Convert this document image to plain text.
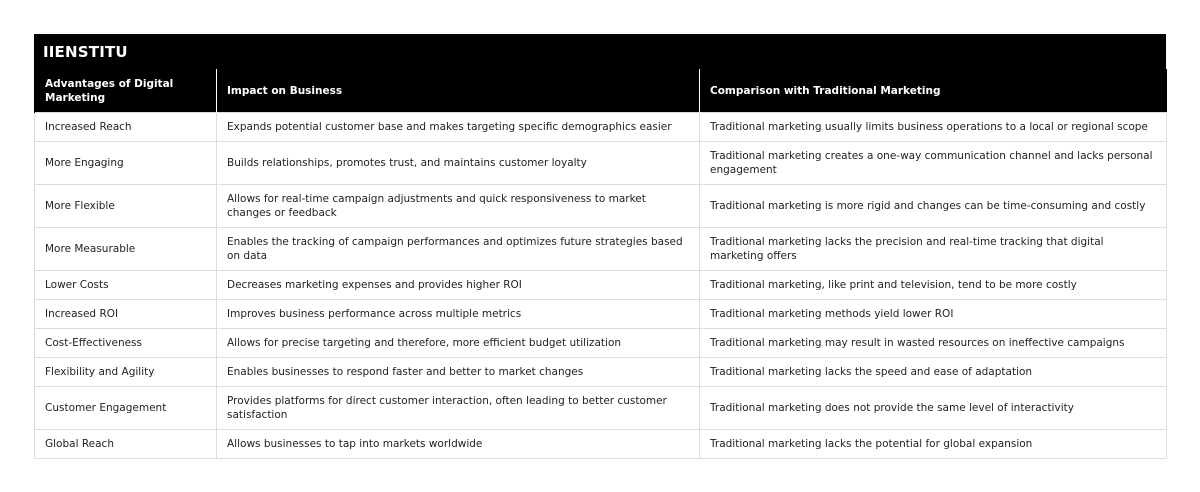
IIENSTITU
Advantages of Digital Marketing	Impact on Business	Comparison with Traditional Marketing
Increased Reach	Expands potential customer base and makes targeting specific demographics easier	Traditional marketing usually limits business operations to a local or regional scope
More Engaging	Builds relationships, promotes trust, and maintains customer loyalty	Traditional marketing creates a one-way communication channel and lacks personal engagement
More Flexible	Allows for real-time campaign adjustments and quick responsiveness to market changes or feedback	Traditional marketing is more rigid and changes can be time-consuming and costly
More Measurable	Enables the tracking of campaign performances and optimizes future strategies based on data	Traditional marketing lacks the precision and real-time tracking that digital marketing offers
Lower Costs	Decreases marketing expenses and provides higher ROI	Traditional marketing, like print and television, tend to be more costly
Increased ROI	Improves business performance across multiple metrics	Traditional marketing methods yield lower ROI
Cost-Effectiveness	Allows for precise targeting and therefore, more efficient budget utilization	Traditional marketing may result in wasted resources on ineffective campaigns
Flexibility and Agility	Enables businesses to respond faster and better to market changes	Traditional marketing lacks the speed and ease of adaptation
Customer Engagement	Provides platforms for direct customer interaction, often leading to better customer satisfaction	Traditional marketing does not provide the same level of interactivity
Global Reach	Allows businesses to tap into markets worldwide	Traditional marketing lacks the potential for global expansion
